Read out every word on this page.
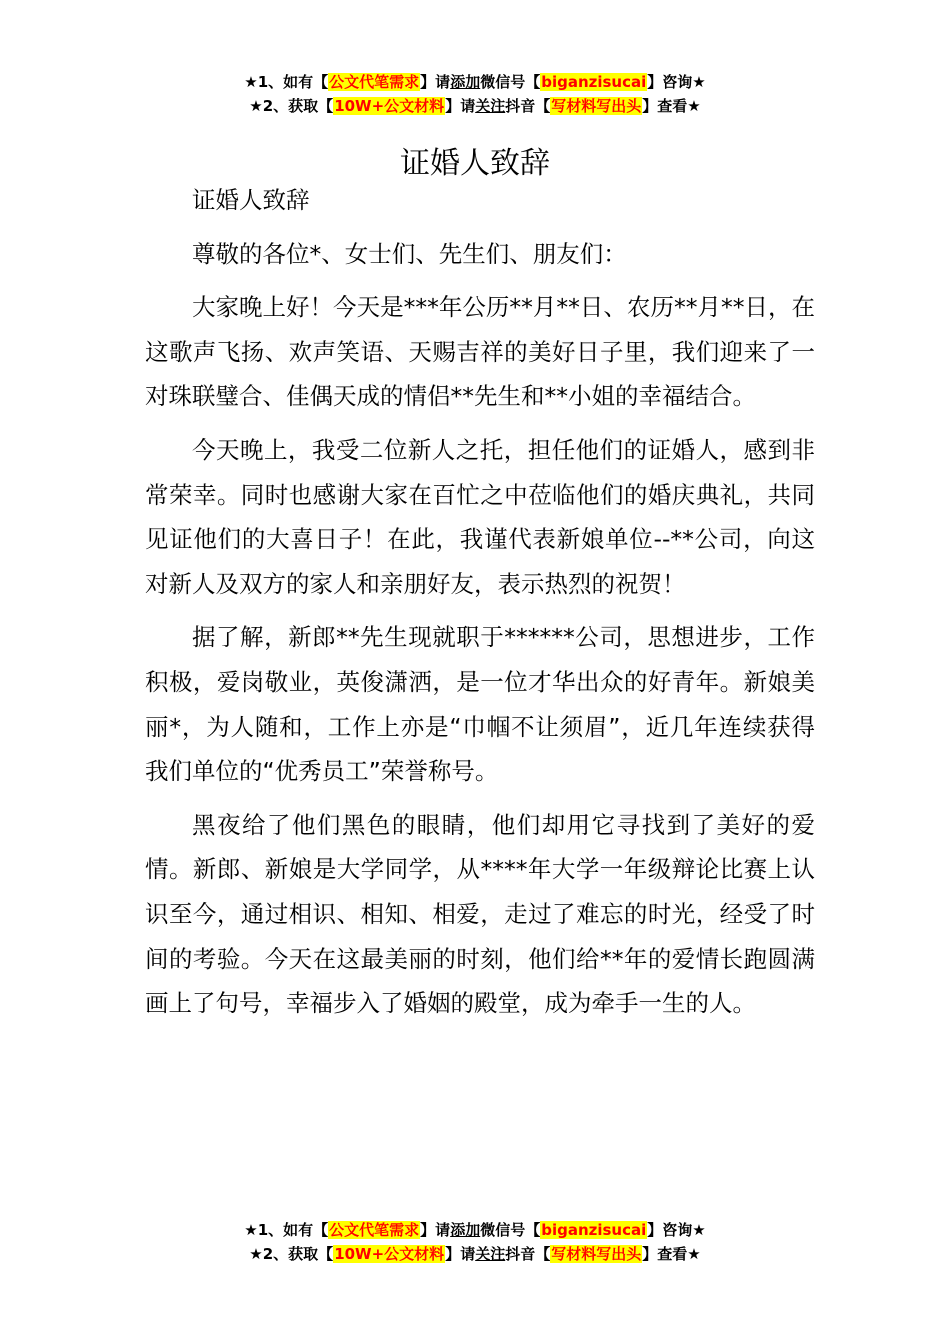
★1、如有【公文代笔需求】请添加微信号【biganzisucai】咨询★
★2、获取【10W+公文材料】请关注抖音【写材料写出头】查看★
证婚人致辞

证婚人致辞

尊敬的各位*、女士们、先生们、朋友们：

大家晚上好！今天是***年公历**月**日、农历**月**日，在这歌声飞扬、欢声笑语、天赐吉祥的美好日子里，我们迎来了一对珠联璧合、佳偶天成的情侣**先生和**小姐的幸福结合。

今天晚上，我受二位新人之托，担任他们的证婚人，感到非常荣幸。同时也感谢大家在百忙之中莅临他们的婚庆典礼，共同见证他们的大喜日子！在此，我谨代表新娘单位--**公司，向这对新人及双方的家人和亲朋好友，表示热烈的祝贺！

据了解，新郎**先生现就职于******公司，思想进步，工作积极，爱岗敬业，英俊潇洒，是一位才华出众的好青年。新娘美丽*，为人随和，工作上亦是“巾帼不让须眉”，近几年连续获得我们单位的“优秀员工”荣誉称号。

黑夜给了他们黑色的眼睛，他们却用它寻找到了美好的爱情。新郎、新娘是大学同学，从****年大学一年级辩论比赛上认识至今，通过相识、相知、相爱，走过了难忘的时光，经受了时间的考验。今天在这最美丽的时刻，他们给**年的爱情长跑圆满画上了句号，幸福步入了婚姻的殿堂，成为牵手一生的人。

★1、如有【公文代笔需求】请添加微信号【biganzisucai】咨询★
★2、获取【10W+公文材料】请关注抖音【写材料写出头】查看★
